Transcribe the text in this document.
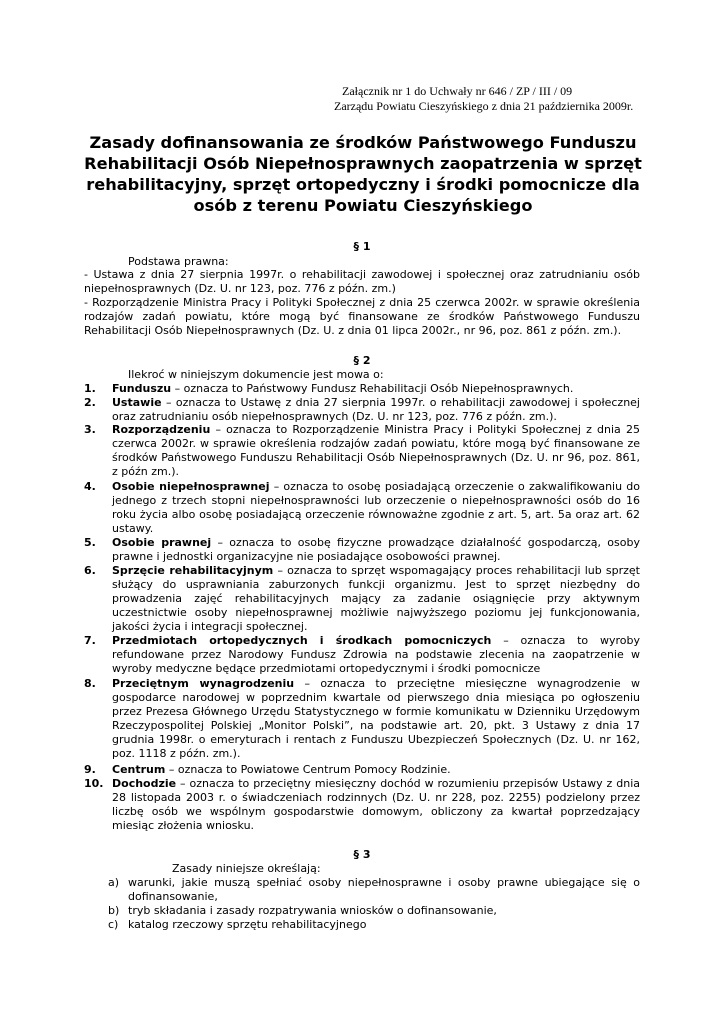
Załącznik nr 1 do Uchwały nr 646 / ZP / III / 09
Zarządu Powiatu Cieszyńskiego z dnia 21 października 2009r.
Zasady dofinansowania ze środków Państwowego Funduszu Rehabilitacji Osób Niepełnosprawnych zaopatrzenia w sprzęt rehabilitacyjny, sprzęt ortopedyczny i środki pomocnicze dla osób z terenu Powiatu Cieszyńskiego
§ 1
Podstawa prawna:
- Ustawa z dnia 27 sierpnia 1997r. o rehabilitacji zawodowej i społecznej oraz zatrudnianiu osób niepełnosprawnych (Dz. U. nr 123, poz. 776 z późn. zm.)
- Rozporządzenie Ministra Pracy i Polityki Społecznej z dnia 25 czerwca 2002r. w sprawie określenia rodzajów zadań powiatu, które mogą być finansowane ze środków Państwowego Funduszu Rehabilitacji Osób Niepełnosprawnych (Dz. U. z dnia 01 lipca 2002r., nr 96, poz. 861 z późn. zm.).
§ 2
Ilekroć w niniejszym dokumencie jest mowa o:
1.	Funduszu – oznacza to Państwowy Fundusz Rehabilitacji Osób Niepełnosprawnych.
2.	Ustawie – oznacza to Ustawę z dnia 27 sierpnia 1997r. o rehabilitacji zawodowej i społecznej oraz zatrudnianiu osób niepełnosprawnych (Dz. U. nr 123, poz. 776 z późn. zm.).
3.	Rozporządzeniu – oznacza to Rozporządzenie Ministra Pracy i Polityki Społecznej z dnia 25 czerwca 2002r. w sprawie określenia rodzajów zadań powiatu, które mogą być finansowane ze środków Państwowego Funduszu Rehabilitacji Osób Niepełnosprawnych (Dz. U. nr 96, poz. 861, z późn zm.).
4.	Osobie niepełnosprawnej – oznacza to osobę posiadającą orzeczenie o zakwalifikowaniu do jednego z trzech stopni niepełnosprawności lub orzeczenie o niepełnosprawności osób do 16 roku życia albo osobę posiadającą orzeczenie równoważne zgodnie z art. 5, art. 5a oraz art. 62 ustawy.
5.	Osobie prawnej – oznacza to osobę fizyczne prowadzące działalność gospodarczą, osoby prawne i jednostki organizacyjne nie posiadające osobowości prawnej.
6.	Sprzęcie rehabilitacyjnym – oznacza to sprzęt wspomagający proces rehabilitacji lub sprzęt służący do usprawniania zaburzonych funkcji organizmu. Jest to sprzęt niezbędny do prowadzenia zajęć rehabilitacyjnych mający za zadanie osiągnięcie przy aktywnym uczestnictwie osoby niepełnosprawnej możliwie najwyższego poziomu jej funkcjonowania, jakości życia i integracji społecznej.
7.	Przedmiotach ortopedycznych i środkach pomocniczych – oznacza to wyroby refundowane przez Narodowy Fundusz Zdrowia na podstawie zlecenia na zaopatrzenie w wyroby medyczne będące przedmiotami ortopedycznymi i środki pomocnicze
8.	Przeciętnym wynagrodzeniu – oznacza to przeciętne miesięczne wynagrodzenie w gospodarce narodowej w poprzednim kwartale od pierwszego dnia miesiąca po ogłoszeniu przez Prezesa Głównego Urzędu Statystycznego w formie komunikatu w Dzienniku Urzędowym Rzeczypospolitej Polskiej „Monitor Polski”, na podstawie art. 20, pkt. 3 Ustawy z dnia 17 grudnia 1998r. o emeryturach i rentach z Funduszu Ubezpieczeń Społecznych (Dz. U. nr 162, poz. 1118 z późn. zm.).
9.	Centrum – oznacza to Powiatowe Centrum Pomocy Rodzinie.
10. Dochodzie – oznacza to przeciętny miesięczny dochód w rozumieniu przepisów Ustawy z dnia 28 listopada 2003 r. o świadczeniach rodzinnych (Dz. U. nr 228, poz. 2255) podzielony przez liczbę osób we wspólnym gospodarstwie domowym, obliczony za kwartał poprzedzający miesiąc złożenia wniosku.
§ 3
Zasady niniejsze określają:
a) warunki, jakie muszą spełniać osoby niepełnosprawne i osoby prawne ubiegające się o dofinansowanie,
b) tryb składania i zasady rozpatrywania wniosków o dofinansowanie,
c) katalog rzeczowy sprzętu rehabilitacyjnego
